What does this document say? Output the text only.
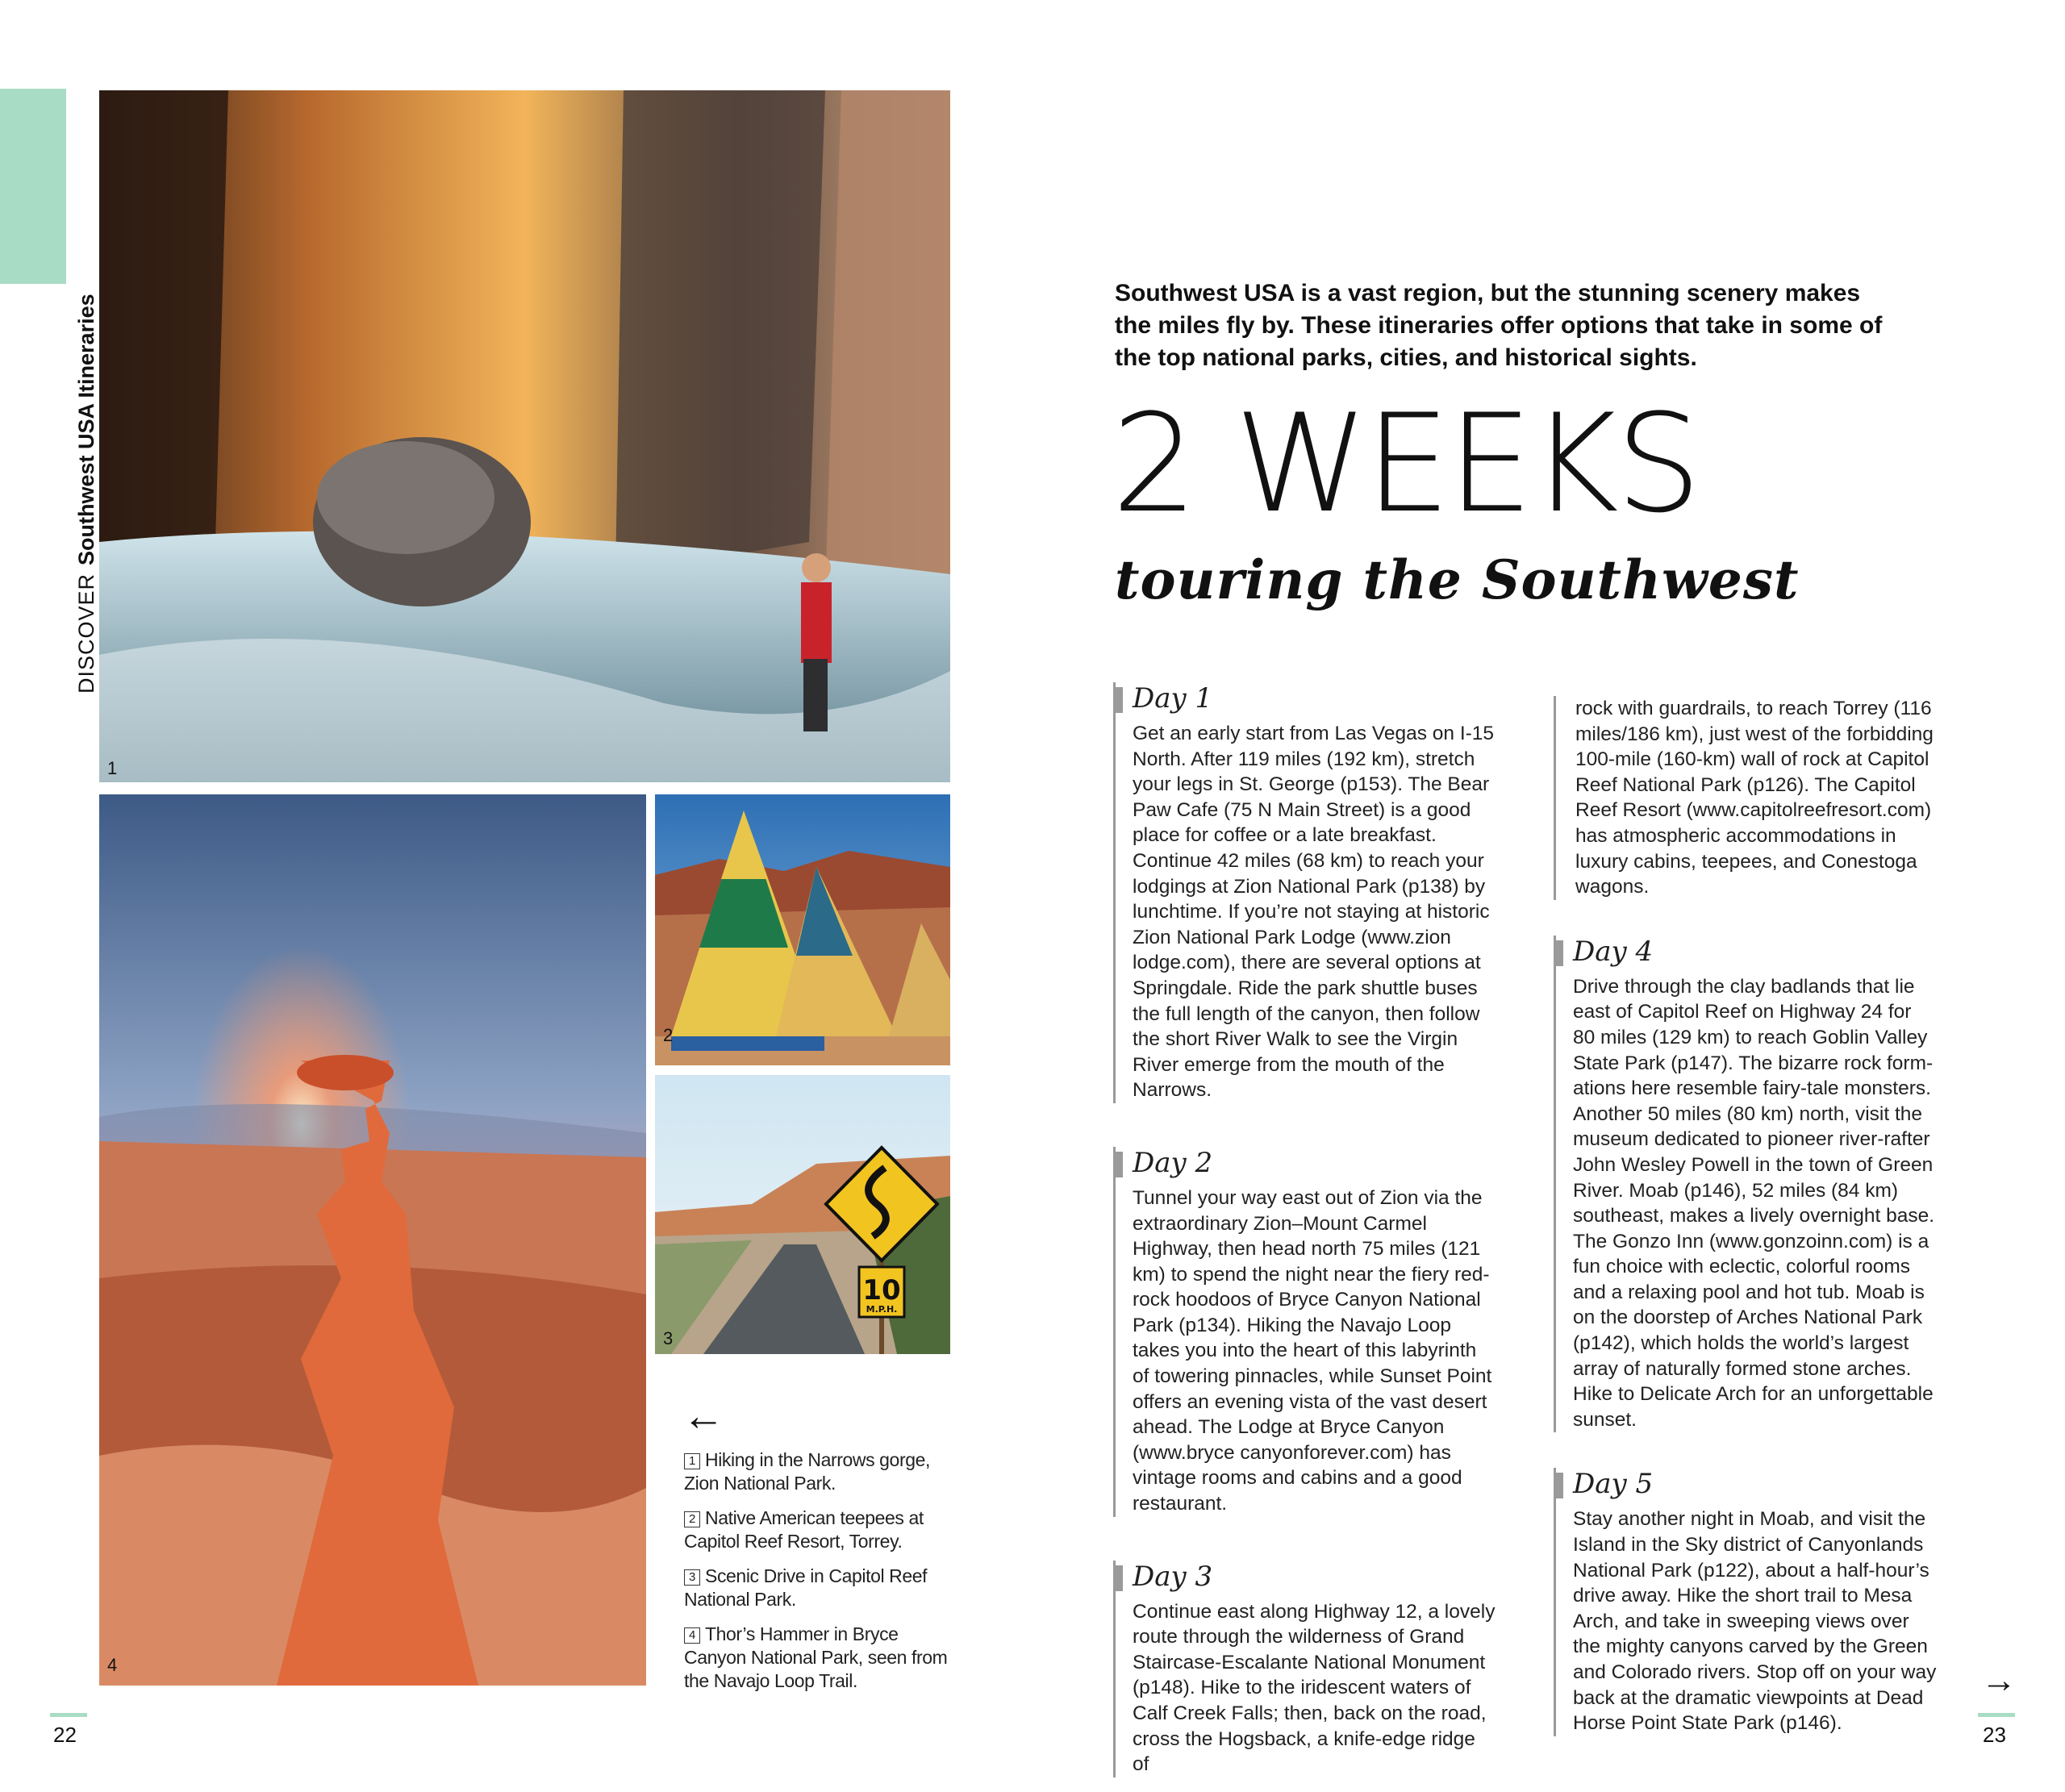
DISCOVERSouthwest USA Itineraries
1
4
2
10
M.P.H.
3
←
1 Hiking in the Narrows gorge, Zion National Park.
2 Native American teepees at Capitol Reef Resort, Torrey.
3 Scenic Drive in Capitol Reef National Park.
4 Thor’s Hammer in Bryce Canyon National Park, seen from the Navajo Loop Trail.
Southwest USA is a vast region, but the stunning scenery makes the miles fly by. These itineraries offer options that take in some of the top national parks, cities, and historical sights.
2 WEEKS
touring the Southwest
Day 1

Get an early start from Las Vegas on I-15 North. After 119 miles (192 km), stretch your legs in St. George (p153). The Bear Paw Cafe (75 N Main Street) is a good place for coffee or a late breakfast. Continue 42 miles (68 km) to reach your lodgings at Zion National Park (p138) by lunchtime. If you’re not staying at historic Zion National Park Lodge (www.zion lodge.com), there are several options at Springdale. Ride the park shuttle buses the full length of the canyon, then follow the short River Walk to see the Virgin River emerge from the mouth of the Narrows.

Day 2

Tunnel your way east out of Zion via the extraordinary Zion–Mount Carmel Highway, then head north 75 miles (121 km) to spend the night near the fiery red-rock hoodoos of Bryce Canyon National Park (p134). Hiking the Navajo Loop takes you into the heart of this labyrinth of towering pinnacles, while Sunset Point offers an evening vista of the vast desert ahead. The Lodge at Bryce Canyon (www.bryce canyonforever.com) has vintage rooms and cabins and a good restaurant.

Day 3

Continue east along Highway 12, a lovely route through the wilderness of Grand Staircase-Escalante National Monument (p148). Hike to the iridescent waters of Calf Creek Falls; then, back on the road, cross the Hogsback, a knife-edge ridge of

rock with guardrails, to reach Torrey (116 miles/186 km), just west of the forbidding 100-mile (160-km) wall of rock at Capitol Reef National Park (p126). The Capitol Reef Resort (www.capitolreefresort.com) has atmospheric accommodations in luxury cabins, teepees, and Conestoga wagons.

Day 4

Drive through the clay badlands that lie east of Capitol Reef on Highway 24 for 80 miles (129 km) to reach Goblin Valley State Park (p147). The bizarre rock form-ations here resemble fairy-tale monsters. Another 50 miles (80 km) north, visit the museum dedicated to pioneer river-rafter John Wesley Powell in the town of Green River. Moab (p146), 52 miles (84 km) southeast, makes a lively overnight base. The Gonzo Inn (www.gonzoinn.com) is a fun choice with eclectic, colorful rooms and a relaxing pool and hot tub. Moab is on the doorstep of Arches National Park (p142), which holds the world’s largest array of naturally formed stone arches. Hike to Delicate Arch for an unforgettable sunset.

Day 5

Stay another night in Moab, and visit the Island in the Sky district of Canyonlands National Park (p122), about a half-hour’s drive away. Hike the short trail to Mesa Arch, and take in sweeping views over the mighty canyons carved by the Green and Colorado rivers. Stop off on your way back at the dramatic viewpoints at Dead Horse Point State Park (p146).

→
22	23
